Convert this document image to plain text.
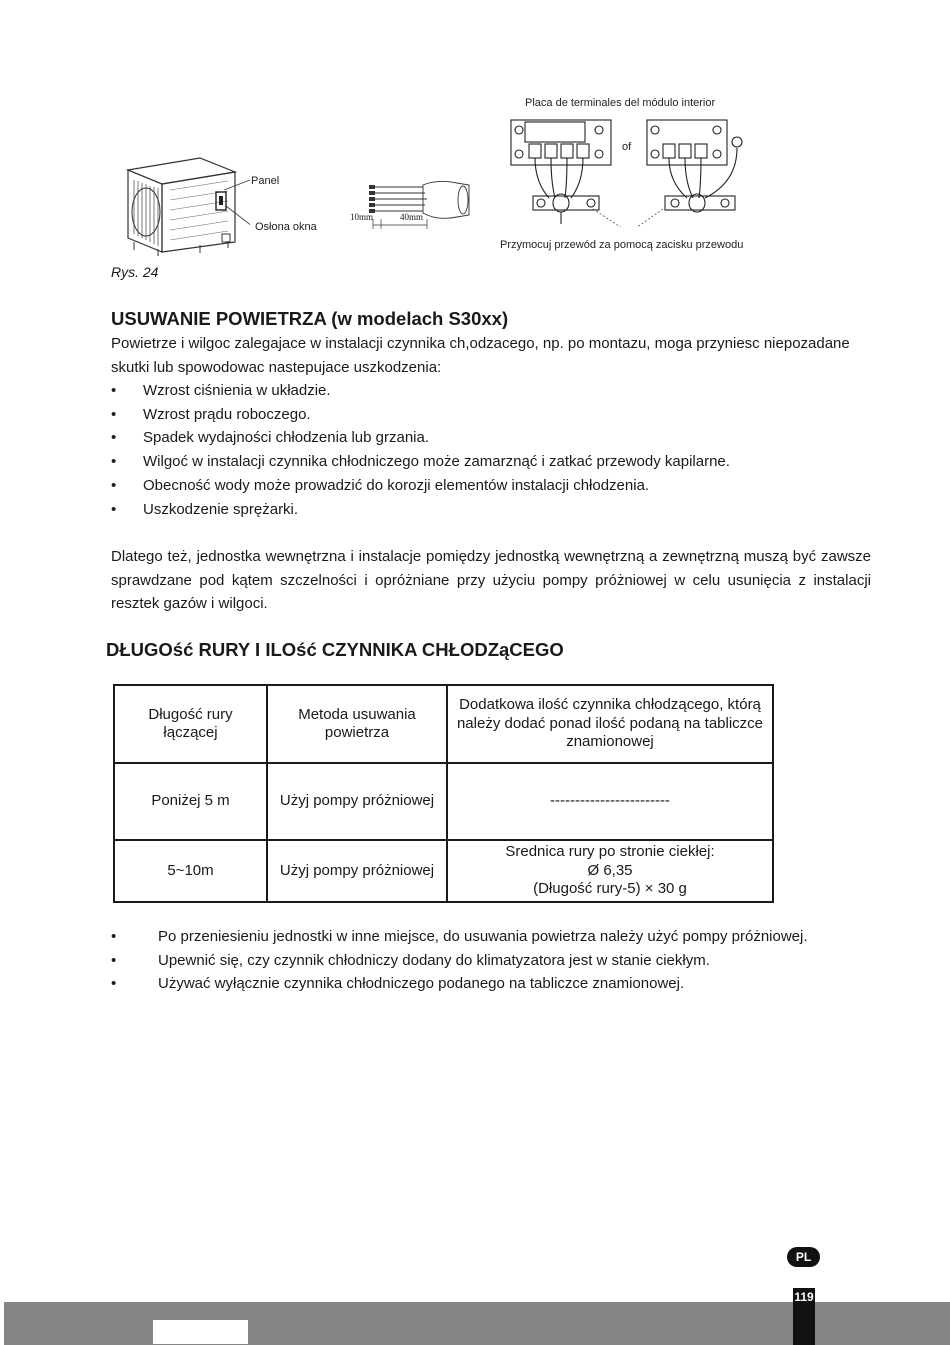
Panel
Osłona okna
10mm	40mm
Placa de terminales del módulo interior
of
Przymocuj przewód za pomocą zacisku przewodu
Rys. 24
USUWANIE POWIETRZA (w modelach S30xx)
Powietrze i wilgoc zalegajace w instalacji czynnika ch,odzacego, np. po montazu, moga przyniesc niepozadane skutki lub spowodowac nastepujace uszkodzenia:
• Wzrost ciśnienia w układzie.
• Wzrost prądu roboczego.
• Spadek wydajności chłodzenia lub grzania.
• Wilgoć w instalacji czynnika chłodniczego może zamarznąć i zatkać przewody kapilarne.
• Obecność wody może prowadzić do korozji elementów instalacji chłodzenia.
• Uszkodzenie sprężarki.
Dlatego też, jednostka wewnętrzna i instalacje pomiędzy jednostką wewnętrzną a zewnętrzną muszą być zawsze sprawdzane pod kątem szczelności i opróżniane przy użyciu pompy próżniowej w celu usunięcia z instalacji resztek gazów i wilgoci.
DŁUGOść RURY I ILOść CZYNNIKA CHŁODZąCEGO
Długość rury łączącej	Metoda usuwania powietrza	Dodatkowa ilość czynnika chłodzącego, którą należy dodać ponad ilość podaną na tabliczce znamionowej
Poniżej 5 m	Użyj pompy próżniowej	------------------------
5~10m	Użyj pompy próżniowej	Srednica rury po stronie ciekłej:
Ø 6,35
(Długość rury-5) × 30 g
•	Po przeniesieniu jednostki w inne miejsce, do usuwania powietrza należy użyć pompy próżniowej.
•	Upewnić się, czy czynnik chłodniczy dodany do klimatyzatora jest w stanie ciekłym.
•	Używać wyłącznie czynnika chłodniczego podanego na tabliczce znamionowej.
PL
119
